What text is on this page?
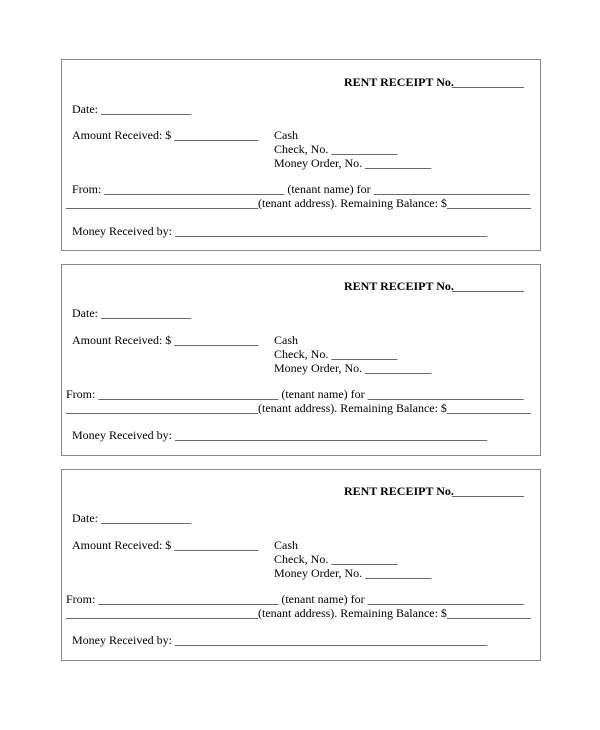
RENT RECEIPT No.
____________
Date: _______________
Amount Received: $ ______________ Cash
Check, No. ___________
Money Order, No. ___________
From: ______________________________ (tenant name) for __________________________
________________________________(tenant address). Remaining Balance: $______________
Money Received by: ____________________________________________________
RENT RECEIPT No.
____________
Date: _______________
Amount Received: $ ______________ Cash
Check, No. ___________
Money Order, No. ___________
From: ______________________________ (tenant name) for __________________________
________________________________(tenant address). Remaining Balance: $______________
Money Received by: ____________________________________________________
RENT RECEIPT No.
____________
Date: _______________
Amount Received: $ ______________ Cash
Check, No. ___________
Money Order, No. ___________
From: ______________________________ (tenant name) for __________________________
________________________________(tenant address). Remaining Balance: $______________
Money Received by: ____________________________________________________
